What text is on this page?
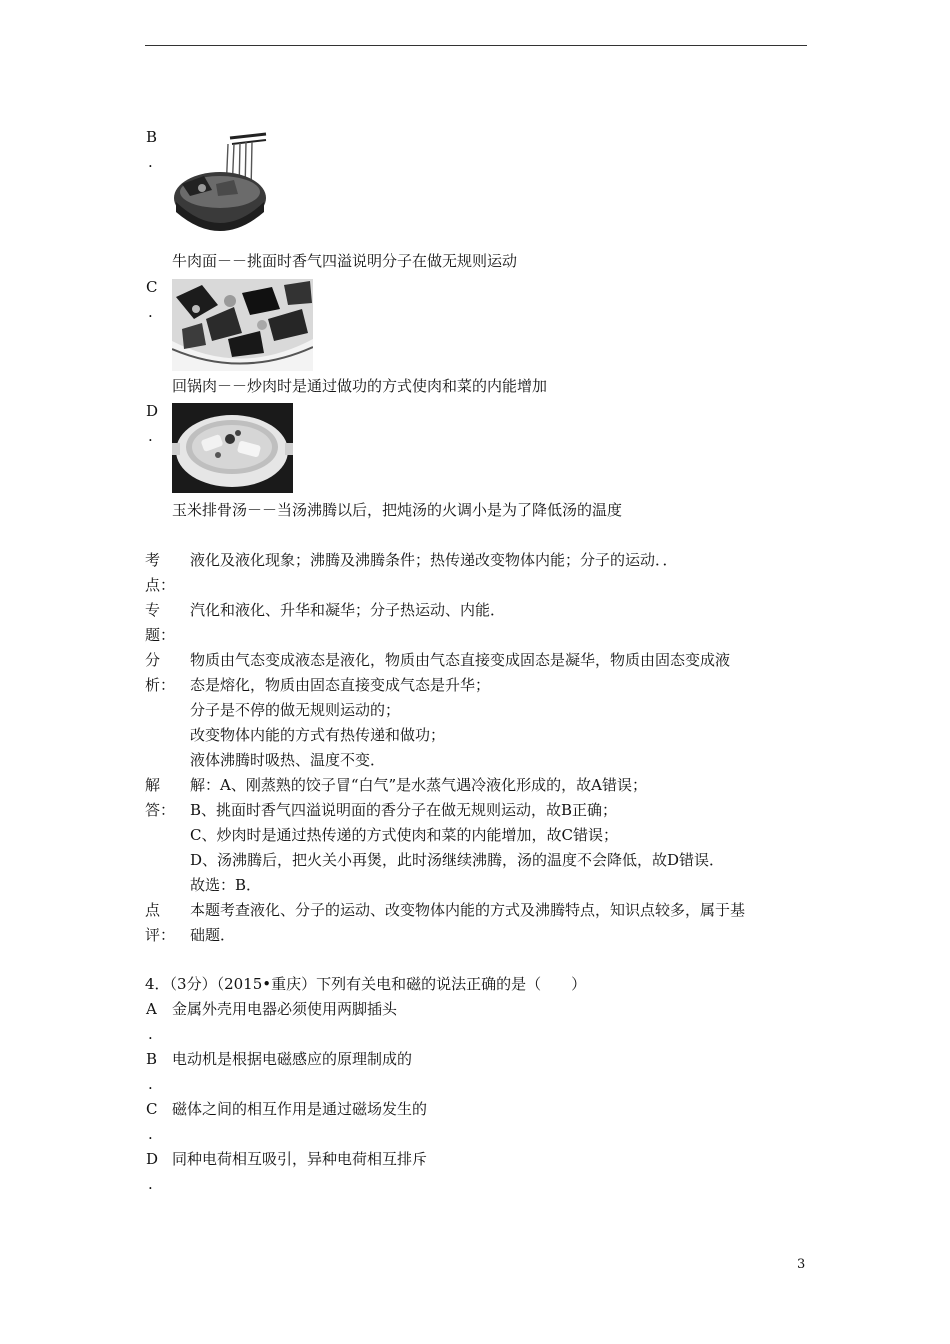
B
.
牛肉面－－挑面时香气四溢说明分子在做无规则运动
C
.
回锅肉－－炒肉时是通过做功的方式使肉和菜的内能增加
D
.
玉米排骨汤－－当汤沸腾以后，把炖汤的火调小是为了降低汤的温度
考
点：
液化及液化现象；沸腾及沸腾条件；热传递改变物体内能；分子的运动．．
专
题：
汽化和液化、升华和凝华；分子热运动、内能．
分
析：
物质由气态变成液态是液化，物质由气态直接变成固态是凝华，物质由固态变成液
态是熔化，物质由固态直接变成气态是升华；
分子是不停的做无规则运动的；
改变物体内能的方式有热传递和做功；
液体沸腾时吸热、温度不变．
解
答：
解：A、刚蒸熟的饺子冒“白气”是水蒸气遇冷液化形成的，故A错误；
B、挑面时香气四溢说明面的香分子在做无规则运动，故B正确；
C、炒肉时是通过热传递的方式使肉和菜的内能增加，故C错误；
D、汤沸腾后，把火关小再煲，此时汤继续沸腾，汤的温度不会降低，故D错误．
故选：B．
点
评：
本题考查液化、分子的运动、改变物体内能的方式及沸腾特点，知识点较多，属于基
础题．
4．（3分）（2015•重庆）下列有关电和磁的说法正确的是（　　）
A 金属外壳用电器必须使用两脚插头
.
B 电动机是根据电磁感应的原理制成的
.
C 磁体之间的相互作用是通过磁场发生的
.
D 同种电荷相互吸引，异种电荷相互排斥
.
3
